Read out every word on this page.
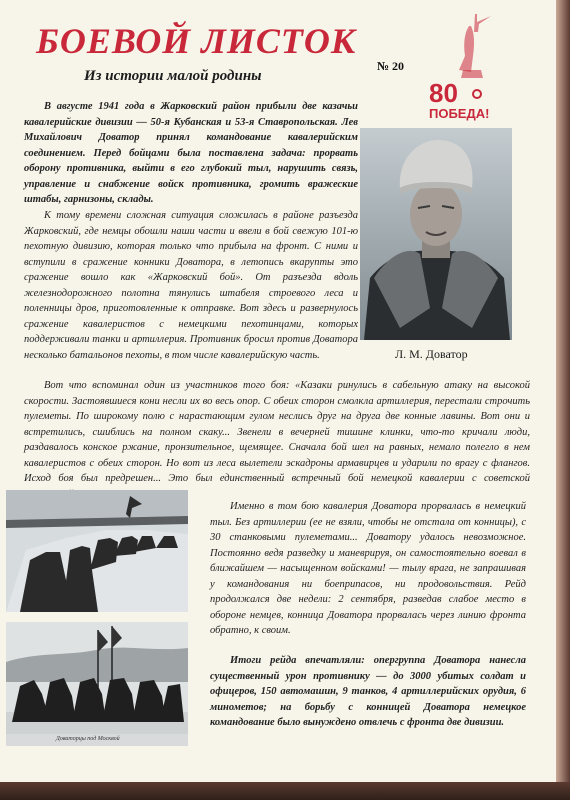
БОЕВОЙ ЛИСТОК
Из истории малой родины
№ 20
80
ПОБЕДА!

В августе 1941 года в Жарковский район прибыли две казачьи кавалерийские дивизии — 50-я Кубанская и 53-я Ставропольская. Лев Михайлович Доватор принял командование кавалерийским соединением. Перед бойцами была поставлена задача: прорвать оборону противника, выйти в его глубокий тыл, нарушить связь, управление и снабжение войск противника, громить вражеские штабы, гарнизоны, склады.

К тому времени сложная ситуация сложилась в районе разъезда Жарковский, где немцы обошли наши части и ввели в бой свежую 101-ю пехотную дивизию, которая только что прибыла на фронт. С ними и вступили в сражение конники Доватора, в летопись вкарупты это сражение вошло как «Жарковский бой». От разъезда вдоль железнодорожного полотна тянулись штабеля строевого леса и поленницы дров, приготовленные к отправке. Вот здесь и развернулось сражение кавалеристов с немецкими пехотинцами, которых поддерживали танки и артиллерия. Противник бросил против Доватора несколько батальонов пехоты, в том числе кавалерийскую часть.	Л. М. Доватор

Вот что вспоминал один из участников того боя: «Казаки ринулись в сабельную атаку на высокой скорости. Застоявшиеся кони несли их во весь опор. С обеих сторон смолкла артиллерия, перестали строчить пулеметы. По широкому полю с нарастающим гулом неслись друг на друга две конные лавины. Вот они и встретились, сшиблись на полном скаку... Звенели в вечерней тишине клинки, что-то кричали люди, раздавалось конское ржание, пронзительное, щемящее. Сначала бой шел на равных, немало полегло в нем кавалеристов с обеих сторон. Но вот из леса вылетели эскадроны армавирцев и ударили по врагу с флангов. Исход боя был предрешен... Это был единственный встречный бой немецкой кавалерии с советской

Доваторцы под Москвой

Именно в том бою кавалерия Доватора прорвалась в немецкий тыл. Без артиллерии (ее не взяли, чтобы не отстала от конницы), с 30 станковыми пулеметами... Доватору удалось невозможное. Постоянно ведя разведку и маневрируя, он самостоятельно воевал в ближайшем — насыщенном войсками! — тылу врага, не запрашивая у командования ни боеприпасов, ни продовольствия. Рейд продолжался две недели: 2 сентября, разведав слабое место в обороне немцев, конница Доватора прорвалась через линию фронта обратно, к своим.

Итоги рейда впечатляли: опергруппа Доватора нанесла существенный урон противнику — до 3000 убитых солдат и офицеров, 150 автомашин, 9 танков, 4 артиллерийских орудия, 6 минометов; на борьбу с конницей Доватора немецкое командование было вынуждено отвлечь с фронта две дивизии.
